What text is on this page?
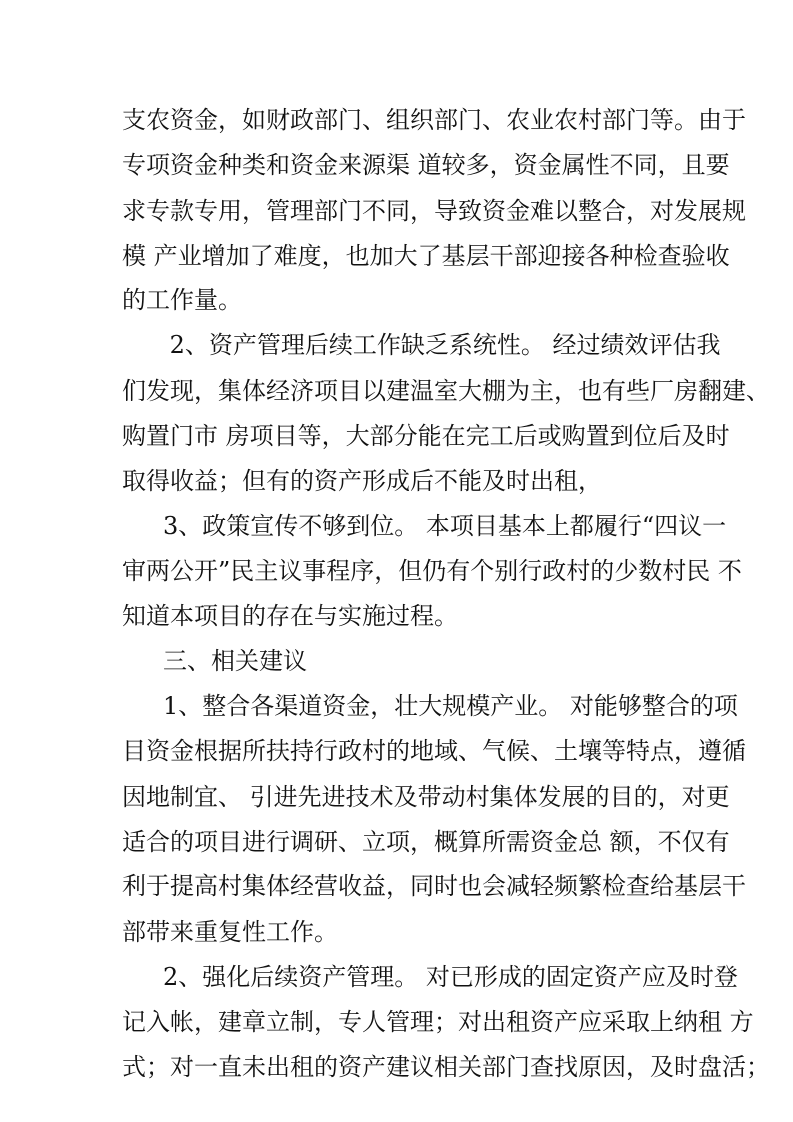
支农资金，如财政部门、组织部门、农业农村部门等。由于

专项资金种类和资金来源渠 道较多，资金属性不同，且要

求专款专用，管理部门不同，导致资金难以整合，对发展规

模 产业增加了难度，也加大了基层干部迎接各种检查验收

的工作量。

2、资产管理后续工作缺乏系统性。 经过绩效评估我

们发现，集体经济项目以建温室大棚为主，也有些厂房翻建、

购置门市 房项目等，大部分能在完工后或购置到位后及时

取得收益；但有的资产形成后不能及时出租，

3、政策宣传不够到位。 本项目基本上都履行“四议一

审两公开”民主议事程序，但仍有个别行政村的少数村民 不

知道本项目的存在与实施过程。

三、相关建议

1、整合各渠道资金，壮大规模产业。 对能够整合的项

目资金根据所扶持行政村的地域、气候、土壤等特点，遵循

因地制宜、 引进先进技术及带动村集体发展的目的，对更

适合的项目进行调研、立项，概算所需资金总 额，不仅有

利于提高村集体经营收益，同时也会减轻频繁检查给基层干

部带来重复性工作。

2、强化后续资产管理。 对已形成的固定资产应及时登

记入帐，建章立制，专人管理；对出租资产应采取上纳租 方

式；对一直未出租的资产建议相关部门查找原因，及时盘活；
